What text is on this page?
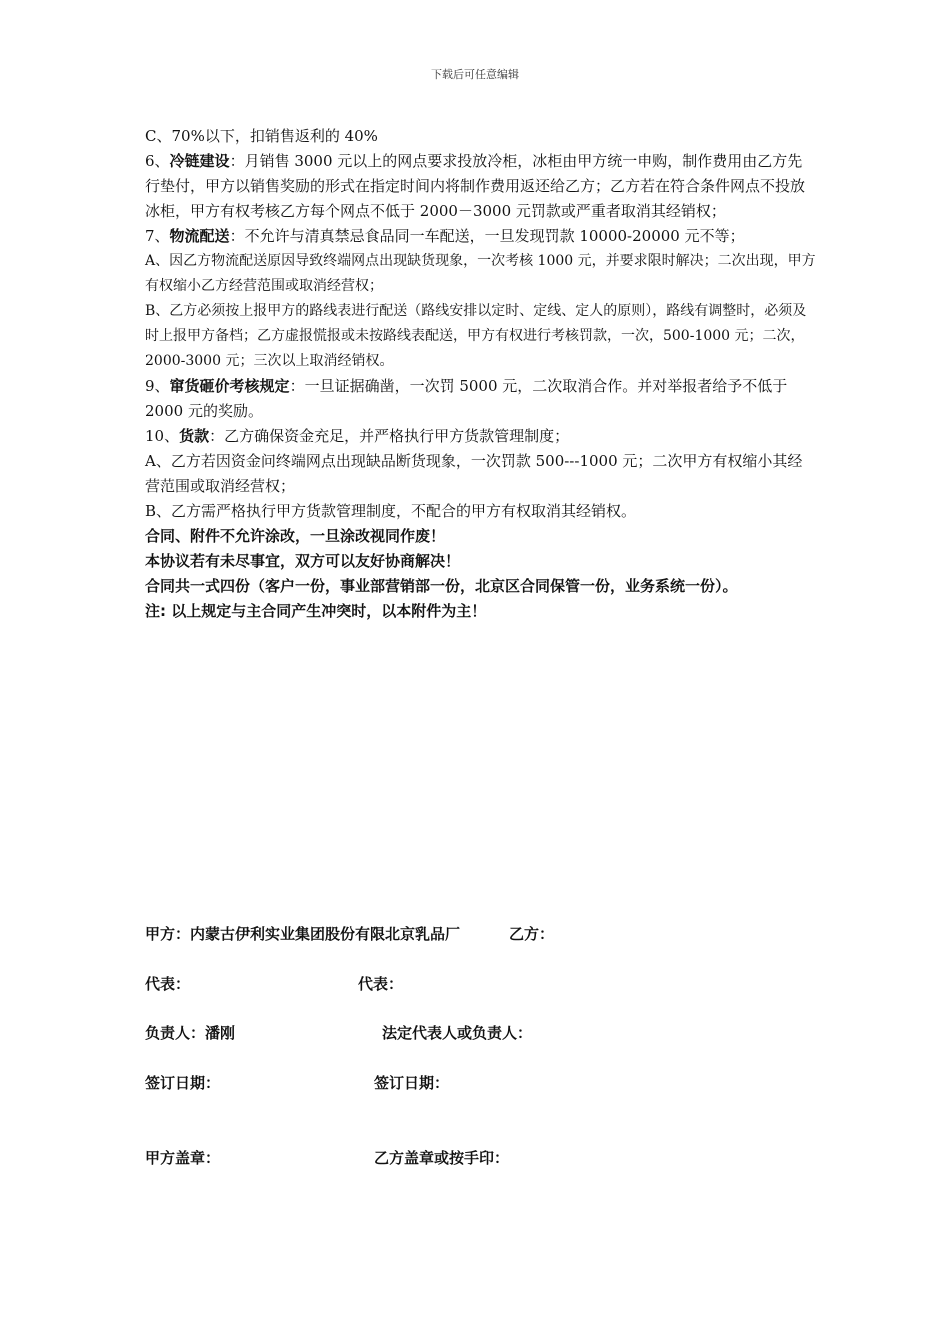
下载后可任意编辑

C、70%以下，扣销售返利的 40%

6、冷链建设：月销售 3000 元以上的网点要求投放冷柜，冰柜由甲方统一申购，制作费用由乙方先行垫付，甲方以销售奖励的形式在指定时间内将制作费用返还给乙方；乙方若在符合条件网点不投放冰柜，甲方有权考核乙方每个网点不低于 2000－3000 元罚款或严重者取消其经销权；

7、物流配送：不允许与清真禁忌食品同一车配送，一旦发现罚款 10000-20000 元不等；

A、因乙方物流配送原因导致终端网点出现缺货现象，一次考核 1000 元，并要求限时解决；二次出现，甲方有权缩小乙方经营范围或取消经营权；

B、乙方必须按上报甲方的路线表进行配送（路线安排以定时、定线、定人的原则），路线有调整时，必须及时上报甲方备档；乙方虚报慌报或未按路线表配送，甲方有权进行考核罚款，一次，500-1000 元；二次，2000-3000 元；三次以上取消经销权。

9、窜货砸价考核规定：一旦证据确凿，一次罚 5000 元，二次取消合作。并对举报者给予不低于 2000 元的奖励。

10、货款：乙方确保资金充足，并严格执行甲方货款管理制度；

A、乙方若因资金问终端网点出现缺品断货现象，一次罚款 500---1000 元；二次甲方有权缩小其经营范围或取消经营权；

B、乙方需严格执行甲方货款管理制度，不配合的甲方有权取消其经销权。

合同、附件不允许涂改，一旦涂改视同作废！

本协议若有未尽事宜，双方可以友好协商解决！

合同共一式四份（客户一份，事业部营销部一份，北京区合同保管一份，业务系统一份）。

注: 以上规定与主合同产生冲突时，以本附件为主！

甲方：内蒙古伊利实业集团股份有限北京乳品厂	乙方：
代表：	代表：
负责人：潘刚	法定代表人或负责人：
签订日期：	签订日期：
甲方盖章：	乙方盖章或按手印：
